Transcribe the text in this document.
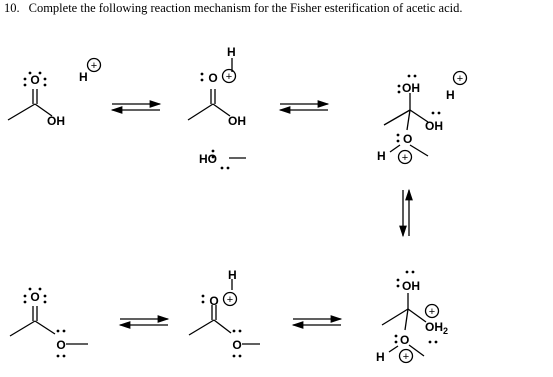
10. Complete the following reaction mechanism for the Fisher esterification of acetic acid.
+
+	+
+
+
+
+
O
OH
H	O
H
OH
HO
OH H
OH
O
H
OH
$OH_2$
O
H
O
H
O
O
O
